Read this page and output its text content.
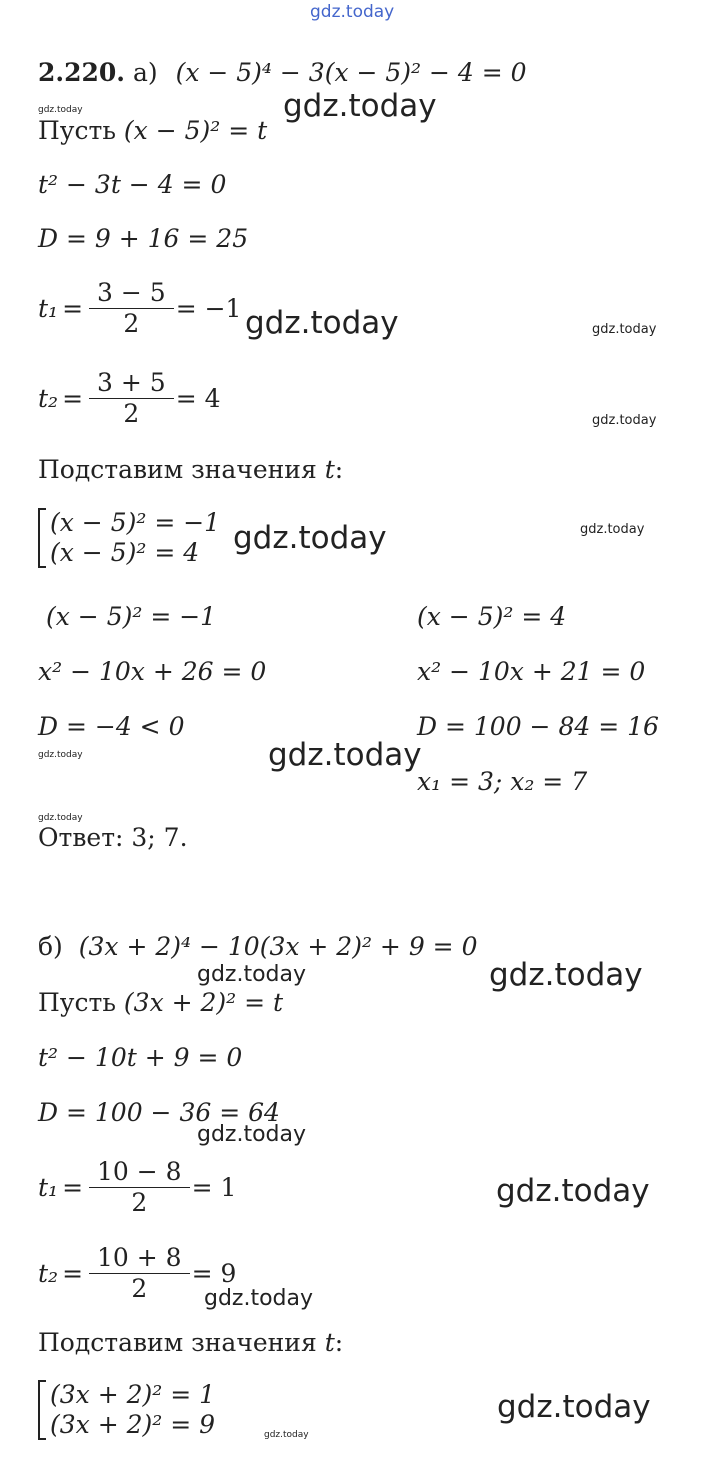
gdz.today
gdz.today	gdz.today
gdz.today	gdz.today
gdz.today
gdz.today
gdz.today
gdz.today
gdz.today
gdz.today
gdz.today	gdz.today
gdz.today
gdz.today
gdz.today
gdz.today
gdz.today
2.220. а) (x − 5)⁴ − 3(x − 5)² − 4 = 0
Пусть (x − 5)² = t
t² − 3t − 4 = 0
D = 9 + 16 = 25
$t_1 = \frac{3 - 5}{2} = -1$
$t_2 = \frac{3 + 5}{2} = 4$
Подставим значения t:
(x − 5)² = −1
(x − 5)² = 4
(x − 5)² = −1
x² − 10x + 26 = 0
D = −4 < 0
(x − 5)² = 4
x² − 10x + 21 = 0
D = 100 − 84 = 16
x₁ = 3; x₂ = 7
Ответ: 3; 7.
б) (3x + 2)⁴ − 10(3x + 2)² + 9 = 0
Пусть (3x + 2)² = t
t² − 10t + 9 = 0
D = 100 − 36 = 64
$t_1 = \frac{10 - 8}{2} = 1$
$t_2 = \frac{10 + 8}{2} = 9$
Подставим значения t:
(3x + 2)² = 1
(3x + 2)² = 9
